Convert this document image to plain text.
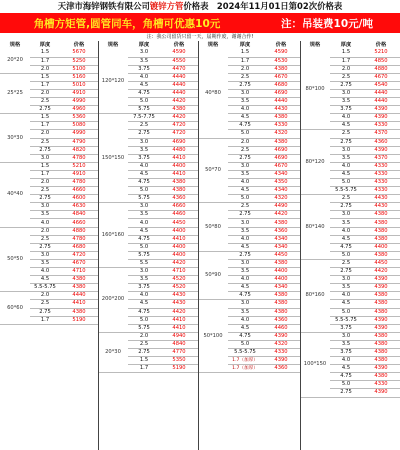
天津市海锌钢铁有限公司镀锌方管价格表　2024年11月01日第02次价格表
角槽方矩管,圆管同车，角槽可优惠10元	注：吊装费10元/吨
注：我公司留货只留一天，届期作废，谢谢合作!
规格	厚度	价格
20*20	1.5	5670
	1.7	5250
	2.0	5100
25*25	1.5	5160
	1.7	5010
	2.0	4910
	2.5	4990
	2.75	4960
30*30	1.5	5360
	1.7	5080
	2.0	4990
	2.5	4790
	2.75	4820
	3.0	4780
40*40	1.5	5210
	1.7	4910
	2.0	4780
	2.5	4660
	2.75	4600
	3.0	4630
	3.5	4840
	4.0	4660
50*50	2.0	4880
	2.5	4780
	2.75	4680
	3.0	4720
	3.5	4670
	4.0	4710
	4.5	4380
	5.5-5.75	4380
60*60	2.0	4440
	2.5	4410
	2.75	4380
	1.7	5190
规格	厚度	价格
120*120	3.0	4590
	3.5	4550
	3.75	4470
	4.0	4440
	4.5	4440
	4.75	4440
	5.0	4420
	5.75	4380
150*150	7.5-7.75	4420
	2.5	4720
	2.75	4720
	3.0	4690
	3.5	4480
	3.75	4410
	4.0	4400
	4.5	4410
	4.75	4380
	5.0	4380
	5.75	4360
160*160	3.0	4660
	3.5	4460
	4.0	4450
	4.5	4400
	4.75	4410
	5.0	4400
	5.75	4400
	5.5	4420
200*200	3.0	4710
	3.5	4520
	3.75	4520
	4.0	4430
	4.5	4430
	4.75	4420
	5.0	4410
	5.75	4410
20*30	2.0	4940
	2.5	4840
	2.75	4770
	1.5	5350
	1.7	5190
规格	厚度	价格
40*80	1.5	4590
	1.7	4530
	2.0	4380
	2.5	4670
	2.75	4680
	3.0	4690
	3.5	4440
	4.0	4430
	4.5	4380
	4.75	4330
	5.0	4320
50*70	2.0	4380
	2.5	4690
	2.75	4690
	3.0	4670
	3.5	4340
	4.0	4350
	4.5	4340
	5.0	4320
50*80	2.5	4490
	2.75	4420
	3.0	4380
	3.5	4360
	4.0	4340
	4.5	4340
50*90	2.75	4450
	3.0	4380
	3.5	4400
	4.0	4400
	4.5	4340
	4.75	4380
50*100	3.0	4380
	3.5	4380
	4.0	4360
	4.5	4460
	4.75	4390
	5.0	4320
	5.5-5.75	4330
	1.7（加厚）	4390
	1.7（加厚）	4360
规格	厚度	价格
80*100	1.5	5210
	1.7	4850
	2.0	4880
	2.5	4670
	2.75	4540
	3.0	4440
	3.5	4440
	3.75	4390
	4.0	4390
	4.5	4330
80*120	2.5	4370
	2.75	4360
	3.0	4390
	3.5	4370
	4.0	4330
	4.5	4330
	5.0	4330
	5.5-5.75	4330
80*140	2.5	4430
	2.75	4430
	3.0	4380
	3.5	4380
	4.0	4380
	4.5	4380
	4.75	4400
	5.0	4380
80*160	2.5	4450
	2.75	4420
	3.0	4390
	3.5	4390
	4.0	4380
	4.5	4380
	5.0	4380
	5.5-5.75	4390
	3.75	4390
100*150	3.0	4380
	3.5	4380
	3.75	4380
	4.0	4380
	4.5	4390
	4.75	4380
	5.0	4330
	2.75	4390
